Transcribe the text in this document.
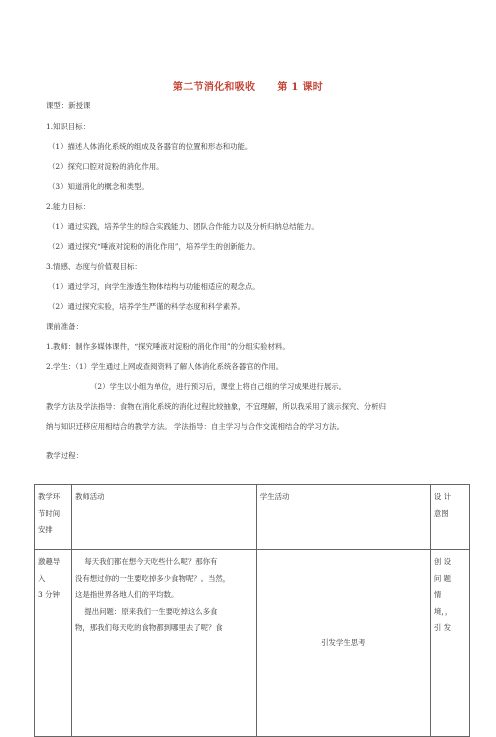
第二节消化和吸收 第 1 课时
课型：新授课
1.知识目标：
（1）描述人体消化系统的组成及各器官的位置和形态和功能。
（2）探究口腔对淀粉的消化作用。
（3）知道消化的概念和类型。
2.能力目标：
（1）通过实践，培养学生的综合实践能力、团队合作能力以及分析归纳总结能力。
（2）通过探究“唾液对淀粉的消化作用”，培养学生的创新能力。
3.情感、态度与价值观目标：
（1）通过学习，向学生渗透生物体结构与功能相适应的观念点。
（2）通过探究实验，培养学生严谨的科学态度和科学素养。
课前准备：
1.教师：制作多媒体课件，“探究唾液对淀粉的消化作用”的分组实验材料。
2.学生：（1）学生通过上网或查阅资料了解人体消化系统各器官的作用。
（2）学生以小组为单位，进行预习后，课堂上将自己组的学习成果进行展示。
教学方法及学法指导：食物在消化系统的消化过程比较抽象，不宜理解，所以我采用了演示探究、分析归
纳与知识迁移应用相结合的教学方法。 学法指导：自主学习与合作交流相结合的学习方法。
教学过程：
教学环
节时间
安排	教师活动	学生活动	设 计
意图

激趣导
入
3 分钟	每天我们都在想今天吃些什么呢？那你有
没有想过你的一生要吃掉多少食物呢？。当然，
这是指世界各地人们的平均数。
提出问题：原来我们一生要吃掉这么多食
物，那我们每天吃的食物都到哪里去了呢？食	引发学生思考	创 设
问 题
情
境，，
引 发
